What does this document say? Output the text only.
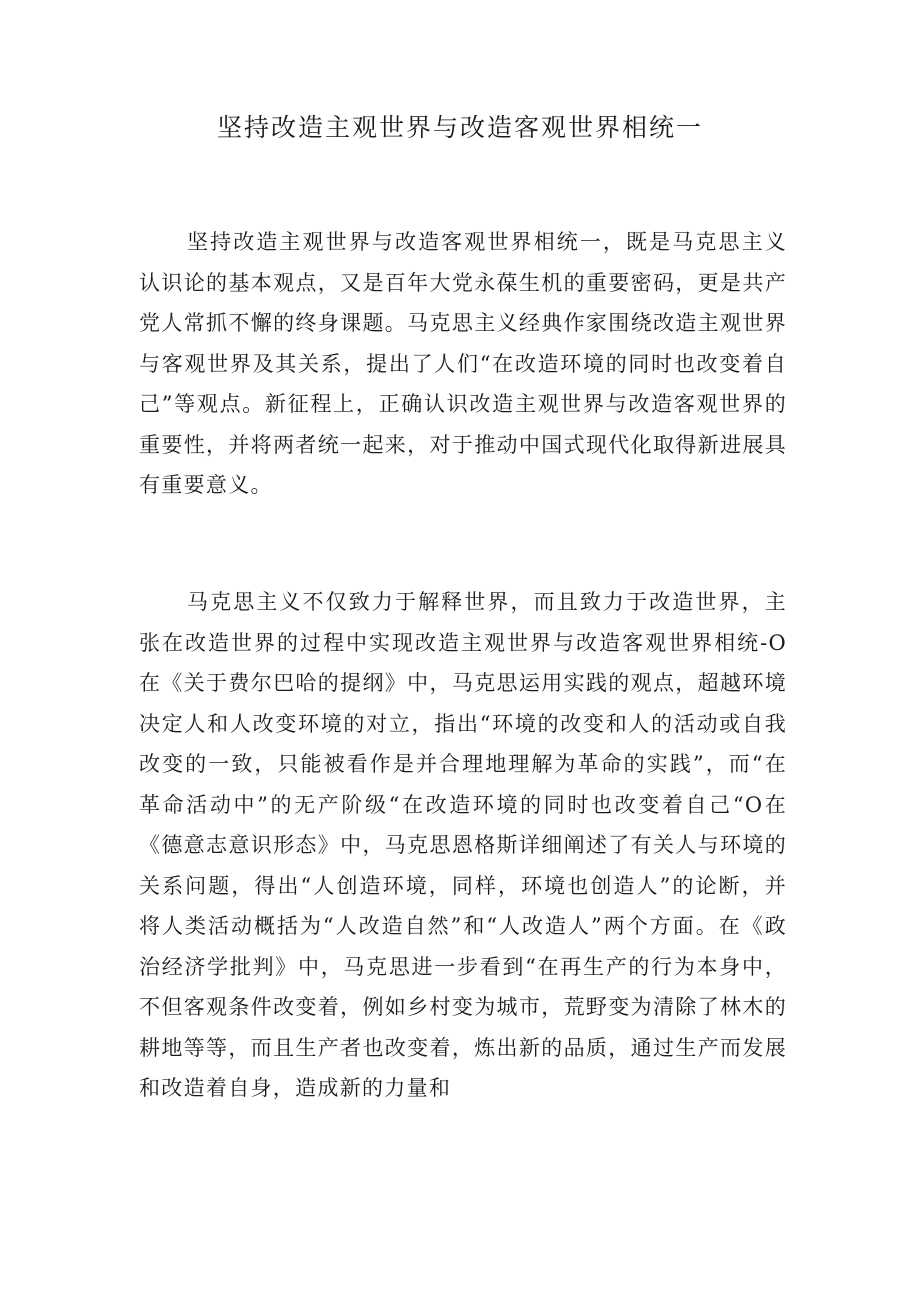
坚持改造主观世界与改造客观世界相统一

坚持改造主观世界与改造客观世界相统一，既是马克思主义认识论的基本观点，又是百年大党永葆生机的重要密码，更是共产党人常抓不懈的终身课题。马克思主义经典作家围绕改造主观世界与客观世界及其关系，提出了人们“在改造环境的同时也改变着自己”等观点。新征程上，正确认识改造主观世界与改造客观世界的重要性，并将两者统一起来，对于推动中国式现代化取得新进展具有重要意义。

马克思主义不仅致力于解释世界，而且致力于改造世界，主张在改造世界的过程中实现改造主观世界与改造客观世界相统-O在《关于费尔巴哈的提纲》中，马克思运用实践的观点，超越环境决定人和人改变环境的对立，指出“环境的改变和人的活动或自我改变的一致，只能被看作是并合理地理解为革命的实践”，而“在革命活动中”的无产阶级“在改造环境的同时也改变着自己“O在《德意志意识形态》中，马克思恩格斯详细阐述了有关人与环境的关系问题，得出“人创造环境，同样，环境也创造人”的论断，并将人类活动概括为“人改造自然”和“人改造人”两个方面。在《政治经济学批判》中，马克思进一步看到“在再生产的行为本身中，不但客观条件改变着，例如乡村变为城市，荒野变为清除了林木的耕地等等，而且生产者也改变着，炼出新的品质，通过生产而发展和改造着自身，造成新的力量和
